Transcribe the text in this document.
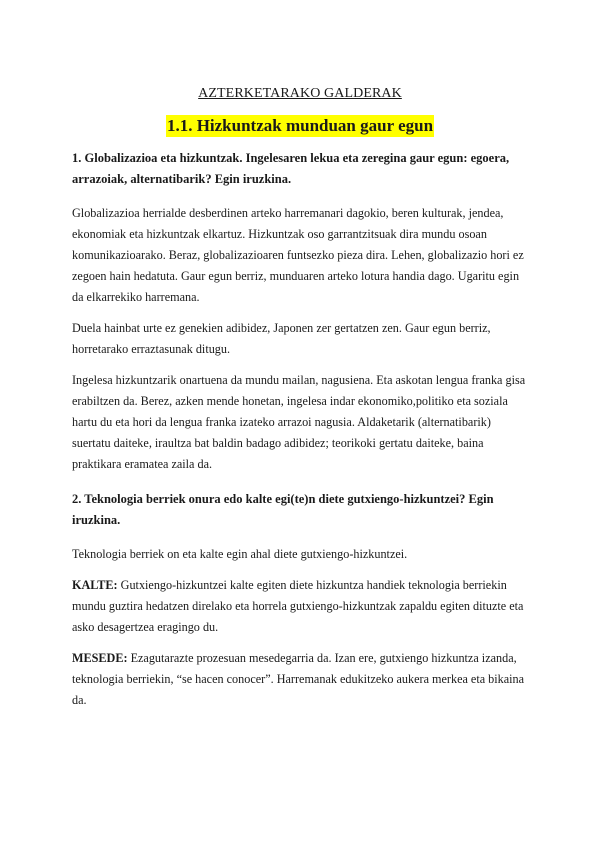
AZTERKETARAKO GALDERAK
1.1. Hizkuntzak munduan gaur egun

1. Globalizazioa eta hizkuntzak. Ingelesaren lekua eta zeregina gaur egun: egoera, arrazoiak, alternatibarik? Egin iruzkina.

Globalizazioa herrialde desberdinen arteko harremanari dagokio, beren kulturak, jendea, ekonomiak eta hizkuntzak elkartuz. Hizkuntzak oso garrantzitsuak dira mundu osoan komunikazioarako. Beraz, globalizazioaren funtsezko pieza dira. Lehen, globalizazio hori ez zegoen hain hedatuta. Gaur egun berriz, munduaren arteko lotura handia dago. Ugaritu egin da elkarrekiko harremana.

Duela hainbat urte ez genekien adibidez, Japonen zer gertatzen zen. Gaur egun berriz, horretarako erraztasunak ditugu.

Ingelesa hizkuntzarik onartuena da mundu mailan, nagusiena. Eta askotan lengua franka gisa erabiltzen da. Berez, azken mende honetan, ingelesa indar ekonomiko,politiko eta soziala hartu du eta hori da lengua franka izateko arrazoi nagusia. Aldaketarik (alternatibarik) suertatu daiteke, iraultza bat baldin badago adibidez; teorikoki gertatu daiteke, baina praktikara eramatea zaila da.

2. Teknologia berriek onura edo kalte egi(te)n diete gutxiengo-hizkuntzei? Egin iruzkina.

Teknologia berriek on eta kalte egin ahal diete gutxiengo-hizkuntzei.

KALTE: Gutxiengo-hizkuntzei kalte egiten diete hizkuntza handiek teknologia berriekin mundu guztira hedatzen direlako eta horrela gutxiengo-hizkuntzak zapaldu egiten dituzte eta asko desagertzea eragingo du.

MESEDE: Ezagutarazte prozesuan mesedegarria da. Izan ere, gutxiengo hizkuntza izanda, teknologia berriekin, “se hacen conocer”. Harremanak edukitzeko aukera merkea eta bikaina da.
